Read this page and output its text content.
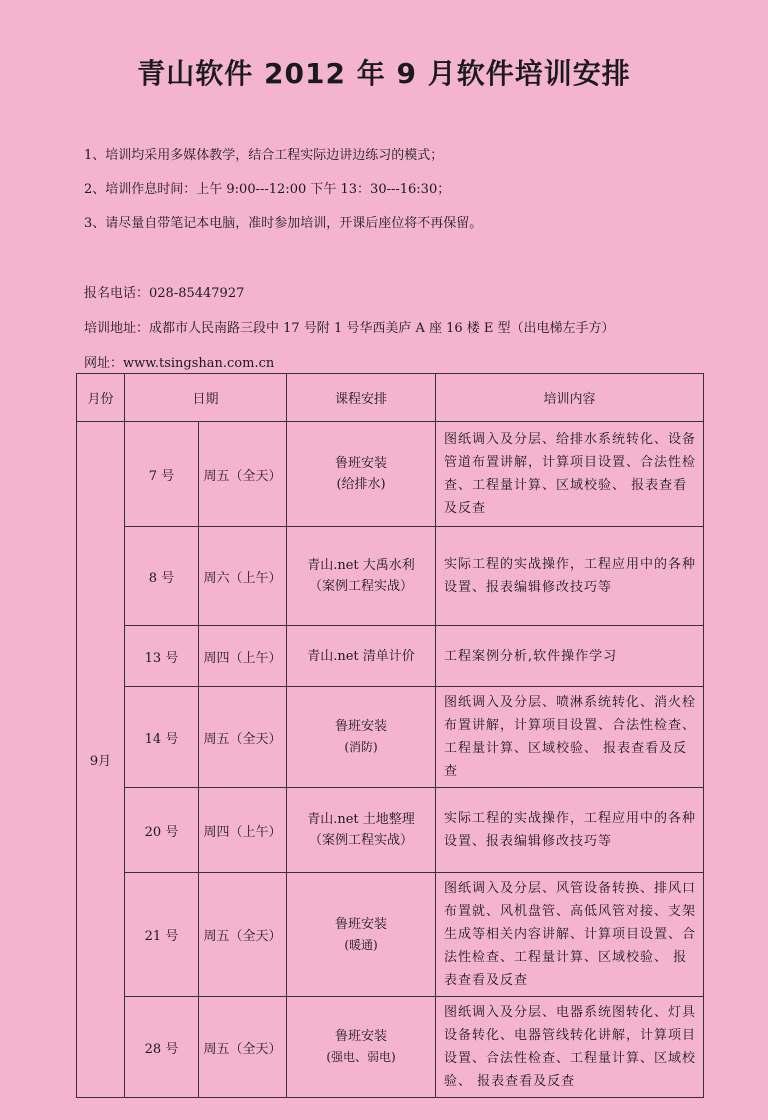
青山软件 2012 年 9 月软件培训安排
1、培训均采用多媒体教学，结合工程实际边讲边练习的模式；
2、培训作息时间：上午 9:00---12:00 下午 13：30---16:30；
3、请尽量自带笔记本电脑，准时参加培训，开课后座位将不再保留。
报名电话：028-85447927
培训地址：成都市人民南路三段中 17 号附 1 号华西美庐 A 座 16 楼 E 型（出电梯左手方）
网址：www.tsingshan.com.cn
月份	日期		课程安排	培训内容
9月	7 号	周五（全天）	鲁班安装
(给排水)	图纸调入及分层、给排水系统转化、设备管道布置讲解，计算项目设置、合法性检查、工程量计算、区域校验、 报表查看及反查
	8 号	周六（上午）	青山.net 大禹水利
（案例工程实战）	实际工程的实战操作，工程应用中的各种设置、报表编辑修改技巧等
	13 号	周四（上午）	青山.net 清单计价	工程案例分析,软件操作学习
	14 号	周五（全天）	鲁班安装
(消防)	图纸调入及分层、喷淋系统转化、消火栓布置讲解，计算项目设置、合法性检查、工程量计算、区域校验、 报表查看及反查
	20 号	周四（上午）	青山.net 土地整理
（案例工程实战）	实际工程的实战操作，工程应用中的各种设置、报表编辑修改技巧等
	21 号	周五（全天）	鲁班安装
(暖通)	图纸调入及分层、风管设备转换、排风口布置就、风机盘管、高低风管对接、支架生成等相关内容讲解、计算项目设置、合法性检查、工程量计算、区域校验、 报表查看及反查
	28 号	周五（全天）	鲁班安装
(强电、弱电)	图纸调入及分层、电器系统图转化、灯具设备转化、电器管线转化讲解，计算项目设置、合法性检查、工程量计算、区域校验、 报表查看及反查
